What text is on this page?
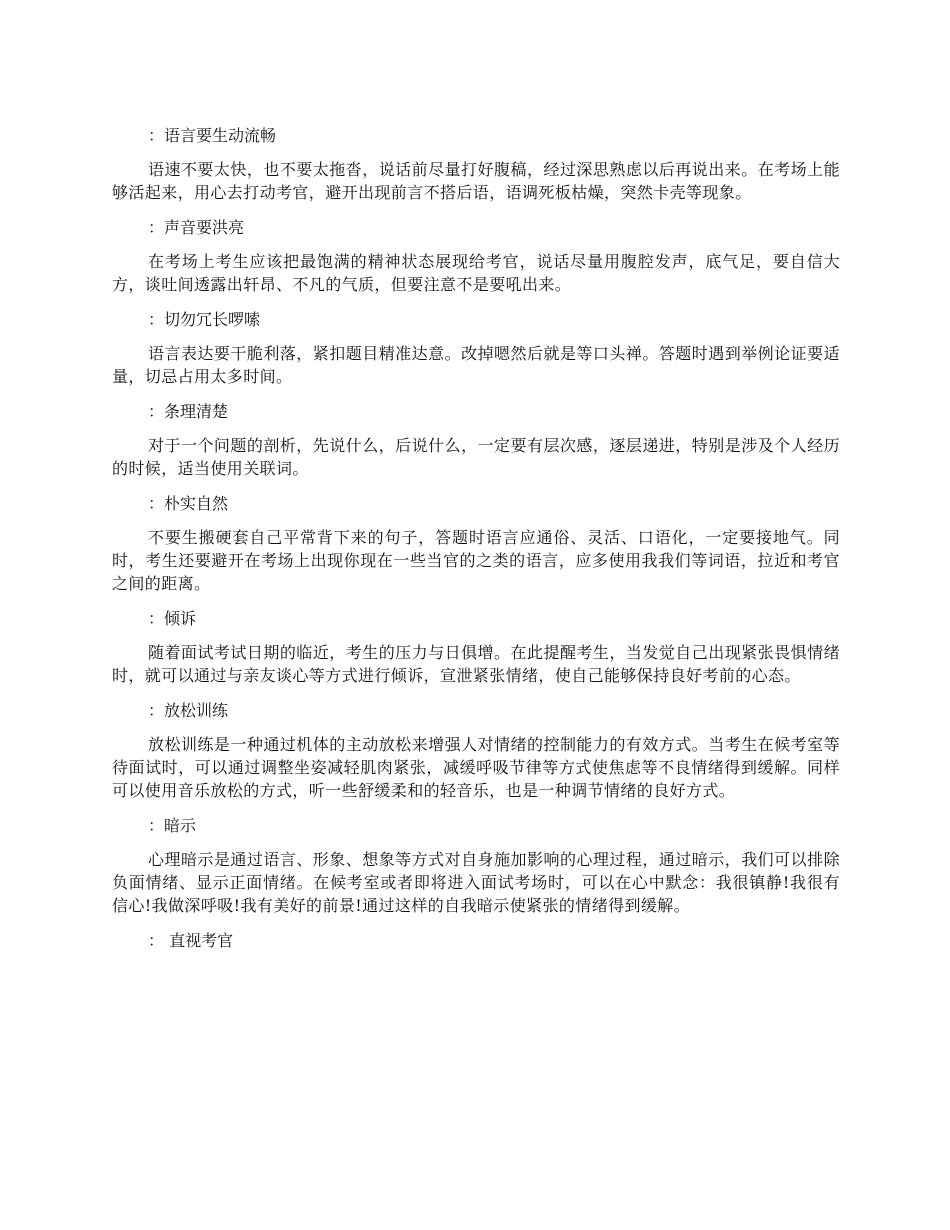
：语言要生动流畅

语速不要太快，也不要太拖沓，说话前尽量打好腹稿，经过深思熟虑以后再说出来。在考场上能够活起来，用心去打动考官，避开出现前言不搭后语，语调死板枯燥，突然卡壳等现象。

：声音要洪亮

在考场上考生应该把最饱满的精神状态展现给考官，说话尽量用腹腔发声，底气足，要自信大方，谈吐间透露出轩昂、不凡的气质，但要注意不是要吼出来。

：切勿冗长啰嗦

语言表达要干脆利落，紧扣题目精准达意。改掉嗯然后就是等口头禅。答题时遇到举例论证要适量，切忌占用太多时间。

：条理清楚

对于一个问题的剖析，先说什么，后说什么，一定要有层次感，逐层递进，特别是涉及个人经历的时候，适当使用关联词。

：朴实自然

不要生搬硬套自己平常背下来的句子，答题时语言应通俗、灵活、口语化，一定要接地气。同时，考生还要避开在考场上出现你现在一些当官的之类的语言，应多使用我我们等词语，拉近和考官之间的距离。

：倾诉

随着面试考试日期的临近，考生的压力与日俱增。在此提醒考生，当发觉自己出现紧张畏惧情绪时，就可以通过与亲友谈心等方式进行倾诉，宣泄紧张情绪，使自己能够保持良好考前的心态。

：放松训练

放松训练是一种通过机体的主动放松来增强人对情绪的控制能力的有效方式。当考生在候考室等待面试时，可以通过调整坐姿减轻肌肉紧张，减缓呼吸节律等方式使焦虑等不良情绪得到缓解。同样可以使用音乐放松的方式，听一些舒缓柔和的轻音乐，也是一种调节情绪的良好方式。

：暗示

心理暗示是通过语言、形象、想象等方式对自身施加影响的心理过程，通过暗示，我们可以排除负面情绪、显示正面情绪。在候考室或者即将进入面试考场时，可以在心中默念：我很镇静!我很有信心!我做深呼吸!我有美好的前景!通过这样的自我暗示使紧张的情绪得到缓解。

： 直视考官
